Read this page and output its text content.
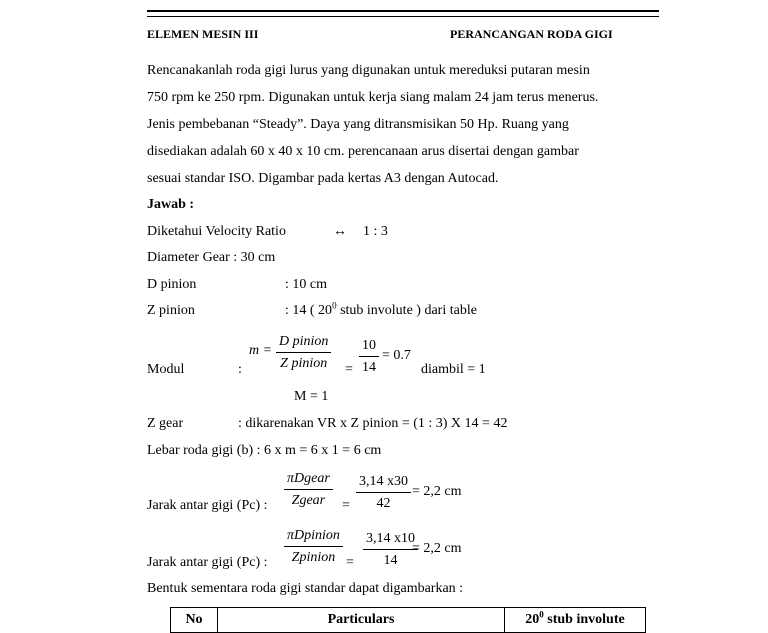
ELEMEN MESIN III	PERANCANGAN RODA GIGI
Rencanakanlah roda gigi lurus yang digunakan untuk mereduksi putaran mesin
750 rpm ke 250 rpm. Digunakan untuk kerja siang malam 24 jam terus menerus.
Jenis pembebanan “Steady”. Daya yang ditransmisikan 50 Hp. Ruang yang
disediakan adalah 60 x 40 x 10 cm. perencanaan arus disertai dengan gambar
sesuai standar ISO. Digambar pada kertas A3 dengan Autocad.
Jawab :
Diketahui Velocity Ratio	↔ 1 : 3
Diameter Gear : 30 cm
D pinion	: 10 cm
Z pinion	: 14 ( $20^0$ stub involute ) dari table
Modul	:
m =
D pinion
Z pinion = $\frac{10}{14} = 0.7$
diambil = 1
M = 1
Z gear	: dikarenakan VR x Z pinion = (1 : 3) X 14 = 42
Lebar roda gigi (b) : 6 x m = 6 x 1 = 6 cm
Jarak antar gigi (Pc) :
πDgear
Zgear = $\frac{3,14 x30}{42} = 2,2$ cm
Jarak antar gigi (Pc) :
πDpinion
Zpinion = $\frac{3,14 x10}{14}$
= 2,2 cm
Bentuk sementara roda gigi standar dapat digambarkan :
No	Particulars	$20^0$ stub involute
